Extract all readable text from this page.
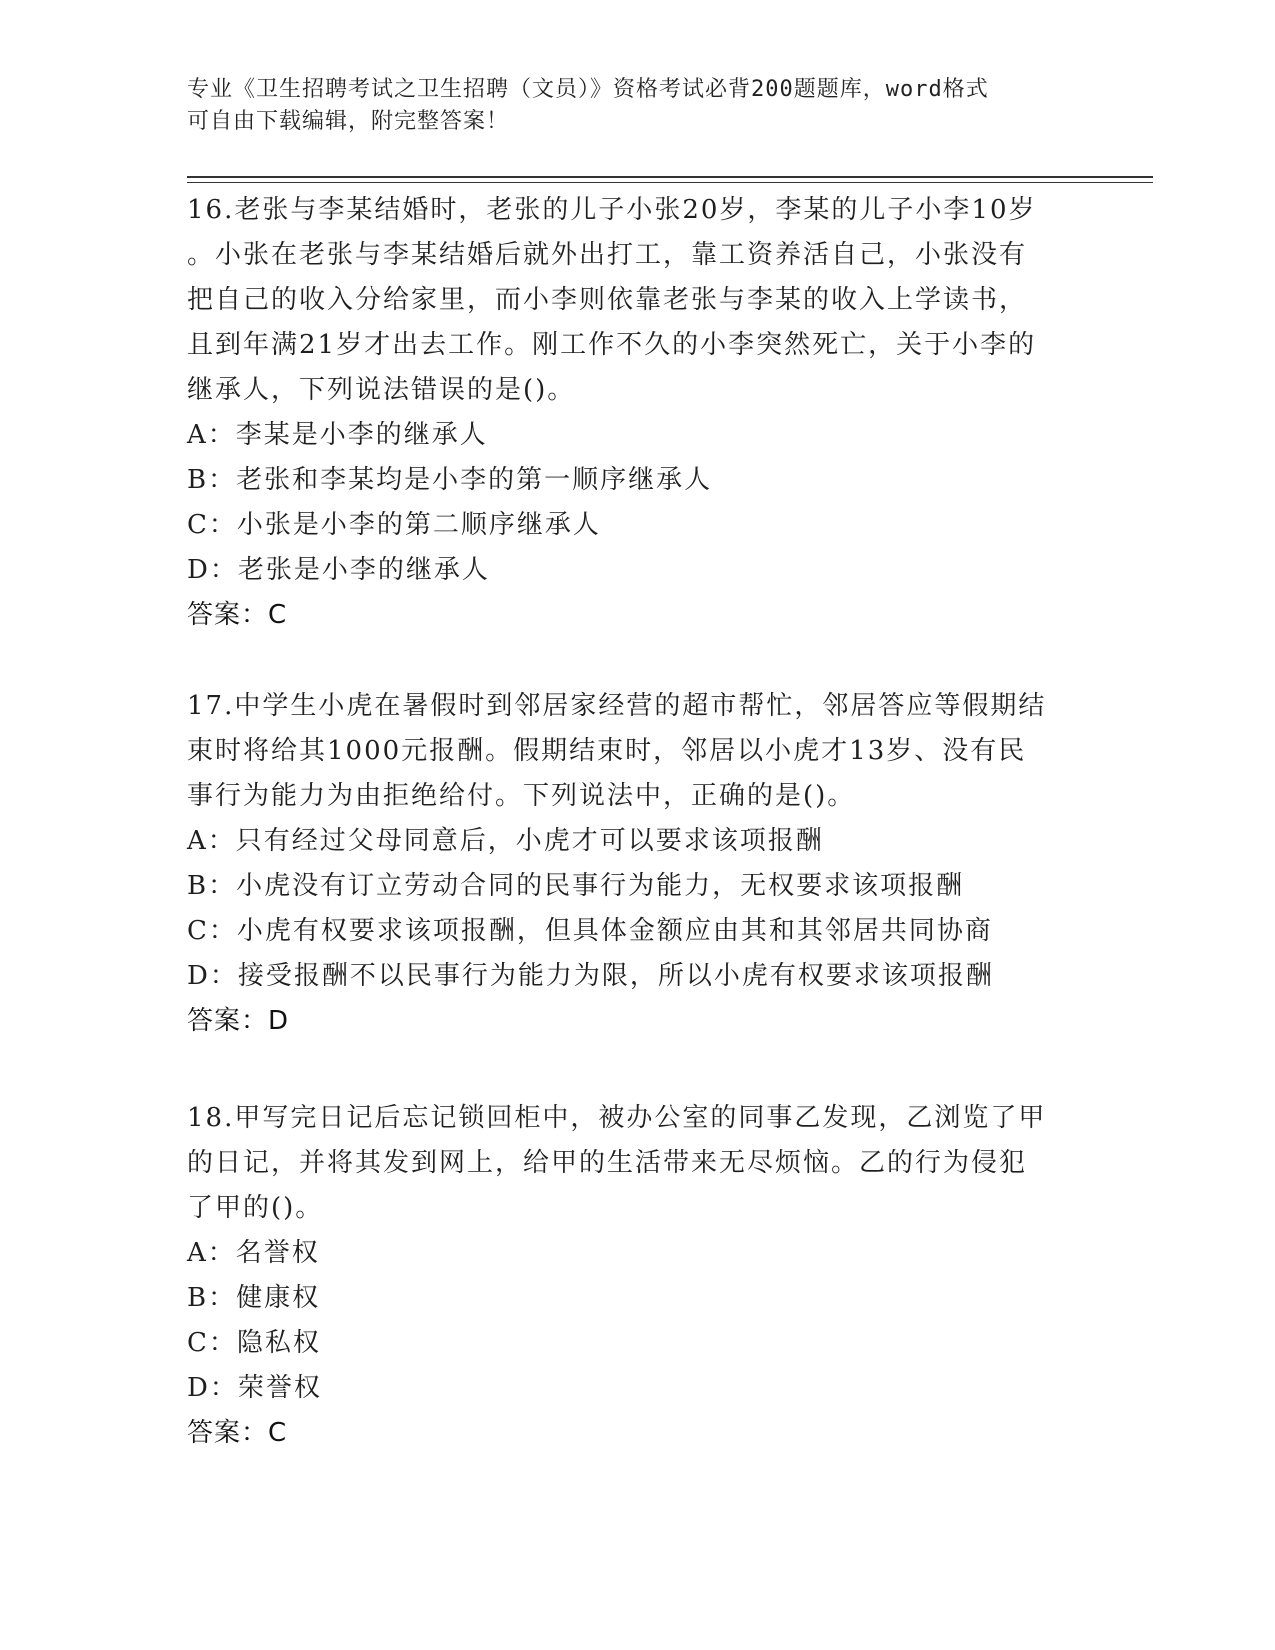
专业《卫生招聘考试之卫生招聘（文员）》资格考试必背200题题库，word格式

可自由下载编辑，附完整答案！

16.老张与李某结婚时，老张的儿子小张20岁，李某的儿子小李10岁

。小张在老张与李某结婚后就外出打工，靠工资养活自己，小张没有

把自己的收入分给家里，而小李则依靠老张与李某的收入上学读书，

且到年满21岁才出去工作。刚工作不久的小李突然死亡，关于小李的

继承人，下列说法错误的是()。

A：李某是小李的继承人

B：老张和李某均是小李的第一顺序继承人

C：小张是小李的第二顺序继承人

D：老张是小李的继承人

答案：C

17.中学生小虎在暑假时到邻居家经营的超市帮忙，邻居答应等假期结

束时将给其1000元报酬。假期结束时，邻居以小虎才13岁、没有民

事行为能力为由拒绝给付。下列说法中，正确的是()。

A：只有经过父母同意后，小虎才可以要求该项报酬

B：小虎没有订立劳动合同的民事行为能力，无权要求该项报酬

C：小虎有权要求该项报酬，但具体金额应由其和其邻居共同协商

D：接受报酬不以民事行为能力为限，所以小虎有权要求该项报酬

答案：D

18.甲写完日记后忘记锁回柜中，被办公室的同事乙发现，乙浏览了甲

的日记，并将其发到网上，给甲的生活带来无尽烦恼。乙的行为侵犯

了甲的()。

A：名誉权

B：健康权

C：隐私权

D：荣誉权

答案：C
